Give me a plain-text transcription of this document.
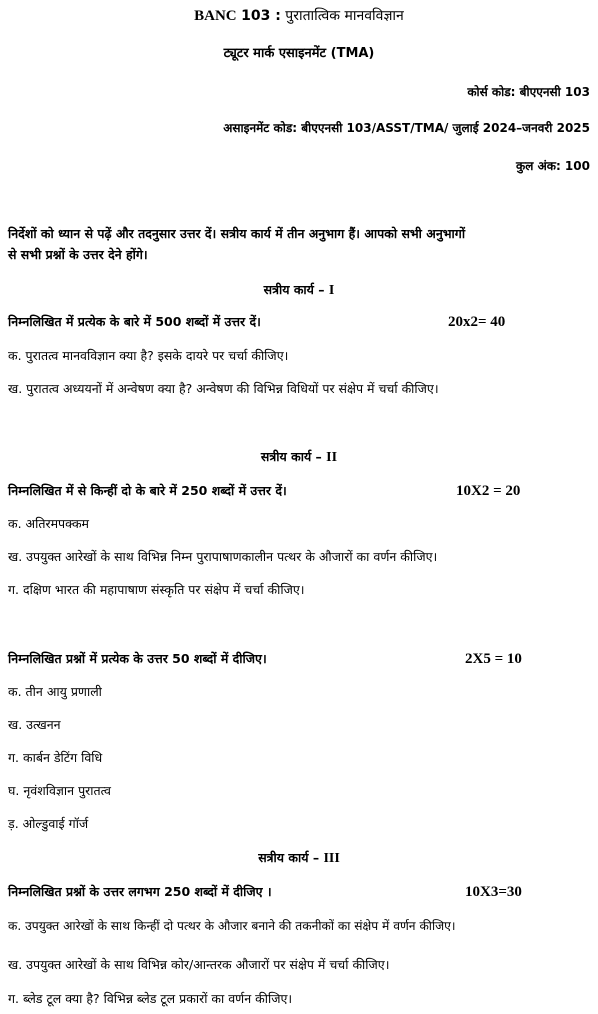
BANC 103 : पुरातात्विक मानवविज्ञान
ट्यूटर मार्क एसाइनमेंट (TMA)
कोर्स कोड: बीएएनसी 103
असाइनमेंट कोड: बीएएनसी 103/ASST/TMA/ जुलाई 2024–जनवरी 2025
कुल अंक: 100
निर्देशों को ध्यान से पढ़ें और तदनुसार उत्तर दें। सत्रीय कार्य में तीन अनुभाग हैं। आपको सभी अनुभागों
से सभी प्रश्नों के उत्तर देने होंगे।
सत्रीय कार्य – I
निम्नलिखित में प्रत्येक के बारे में 500 शब्दों में उत्तर दें।	20x2= 40
क. पुरातत्व मानवविज्ञान क्या है? इसके दायरे पर चर्चा कीजिए।
ख. पुरातत्व अध्ययनों में अन्वेषण क्या है? अन्वेषण की विभिन्न विधियों पर संक्षेप में चर्चा कीजिए।
सत्रीय कार्य – II
निम्नलिखित में से किन्हीं दो के बारे में 250 शब्दों में उत्तर दें।	10X2 = 20
क. अतिरमपक्कम
ख. उपयुक्त आरेखों के साथ विभिन्न निम्न पुरापाषाणकालीन पत्थर के औजारों का वर्णन कीजिए।
ग. दक्षिण भारत की महापाषाण संस्कृति पर संक्षेप में चर्चा कीजिए।
निम्नलिखित प्रश्नों में प्रत्येक के उत्तर 50 शब्दों में दीजिए।	2X5 = 10
क. तीन आयु प्रणाली
ख. उत्खनन
ग. कार्बन डेटिंग विधि
घ. नृवंशविज्ञान पुरातत्व
ड़. ओल्डुवाई गॉर्ज
सत्रीय कार्य – III
निम्नलिखित प्रश्नों के उत्तर लगभग 250 शब्दों में दीजिए ।	10X3=30
क. उपयुक्त आरेखों के साथ किन्हीं दो पत्थर के औजार बनाने की तकनीकों का संक्षेप में वर्णन कीजिए।
ख. उपयुक्त आरेखों के साथ विभिन्न कोर/आन्तरक औजारों पर संक्षेप में चर्चा कीजिए।
ग. ब्लेड टूल क्या है? विभिन्न ब्लेड टूल प्रकारों का वर्णन कीजिए।
